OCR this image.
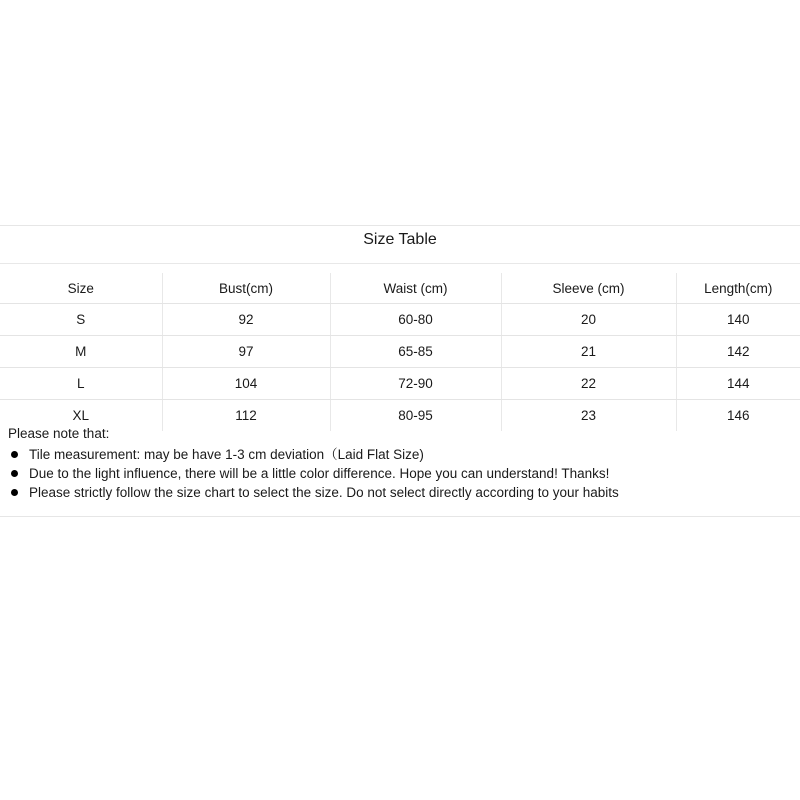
Size Table
Size	Bust(cm)	Waist (cm)	Sleeve (cm)	Length(cm)
S	92	60-80	20	140
M	97	65-85	21	142
L	104	72-90	22	144
XL	112	80-95	23	146
Please note that:
Tile measurement: may be have 1-3 cm deviation（Laid Flat Size)
Due to the light influence, there will be a little color difference. Hope you can understand! Thanks!
Please strictly follow the size chart to select the size. Do not select directly according to your habits
